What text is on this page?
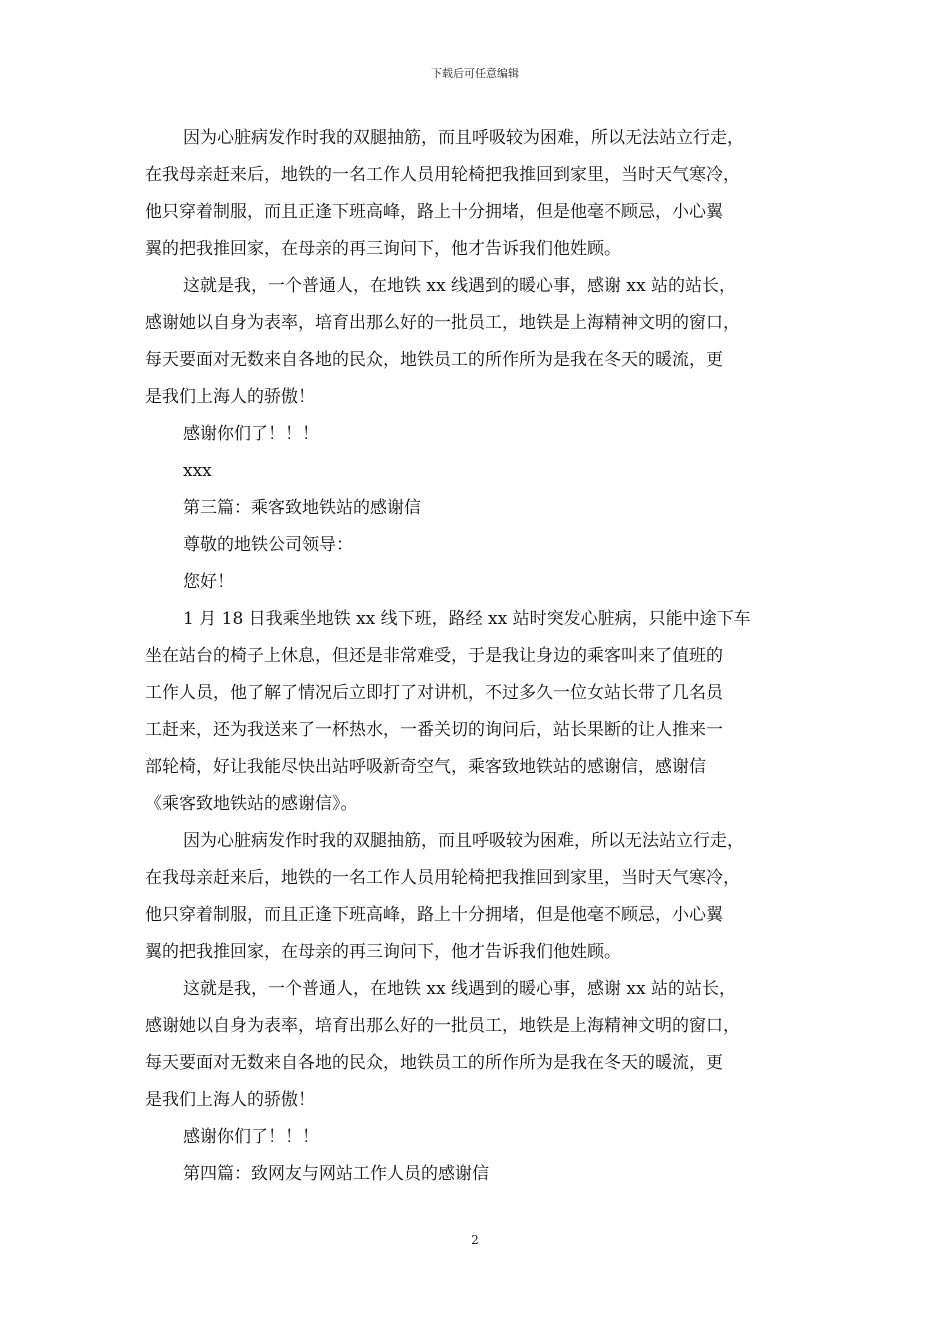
下载后可任意编辑

因为心脏病发作时我的双腿抽筋，而且呼吸较为困难，所以无法站立行走，

在我母亲赶来后，地铁的一名工作人员用轮椅把我推回到家里，当时天气寒冷，

他只穿着制服，而且正逢下班高峰，路上十分拥堵，但是他毫不顾忌，小心翼

翼的把我推回家，在母亲的再三询问下，他才告诉我们他姓顾。

这就是我，一个普通人，在地铁 xx 线遇到的暖心事，感谢 xx 站的站长，

感谢她以自身为表率，培育出那么好的一批员工，地铁是上海精神文明的窗口，

每天要面对无数来自各地的民众，地铁员工的所作所为是我在冬天的暖流，更

是我们上海人的骄傲！

感谢你们了！！！

xxx

第三篇：乘客致地铁站的感谢信

尊敬的地铁公司领导：

您好！

1 月 18 日我乘坐地铁 xx 线下班，路经 xx 站时突发心脏病，只能中途下车

坐在站台的椅子上休息，但还是非常难受，于是我让身边的乘客叫来了值班的

工作人员，他了解了情况后立即打了对讲机，不过多久一位女站长带了几名员

工赶来，还为我送来了一杯热水，一番关切的询问后，站长果断的让人推来一

部轮椅，好让我能尽快出站呼吸新奇空气，乘客致地铁站的感谢信，感谢信

《乘客致地铁站的感谢信》。

因为心脏病发作时我的双腿抽筋，而且呼吸较为困难，所以无法站立行走，

在我母亲赶来后，地铁的一名工作人员用轮椅把我推回到家里，当时天气寒冷，

他只穿着制服，而且正逢下班高峰，路上十分拥堵，但是他毫不顾忌，小心翼

翼的把我推回家，在母亲的再三询问下，他才告诉我们他姓顾。

这就是我，一个普通人，在地铁 xx 线遇到的暖心事，感谢 xx 站的站长，

感谢她以自身为表率，培育出那么好的一批员工，地铁是上海精神文明的窗口，

每天要面对无数来自各地的民众，地铁员工的所作所为是我在冬天的暖流，更

是我们上海人的骄傲！

感谢你们了！！！

第四篇：致网友与网站工作人员的感谢信

2
